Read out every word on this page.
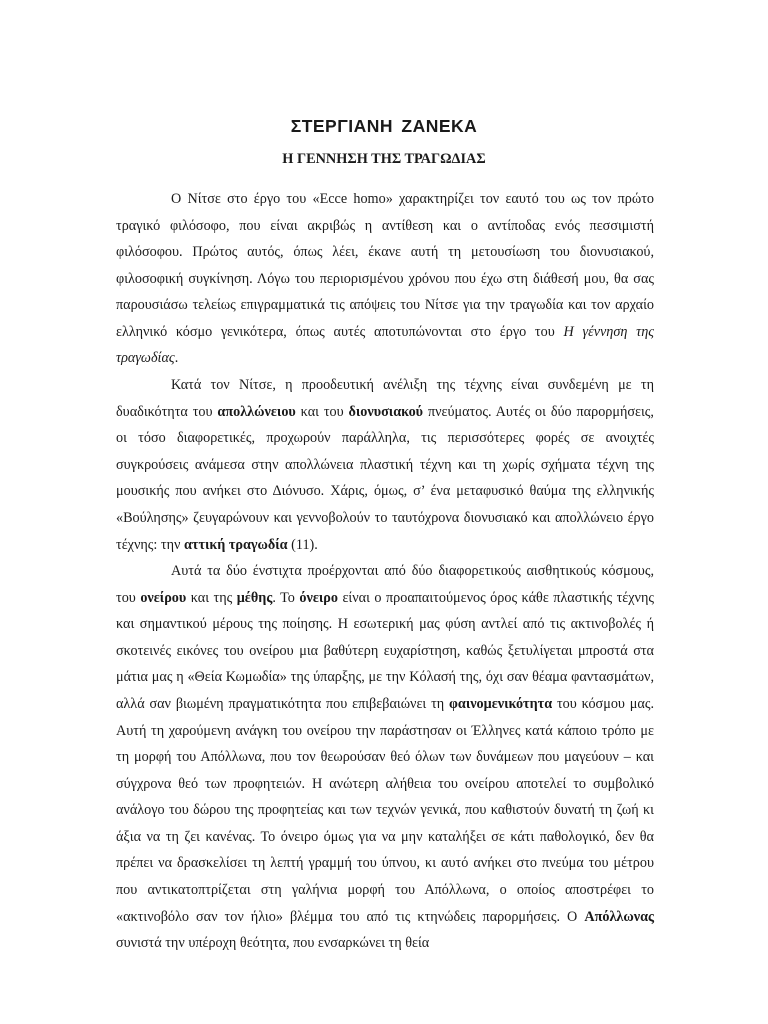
ΣΤΕΡΓΙΑΝΗ ΖΑΝΕΚΑ
Η ΓΕΝΝΗΣΗ ΤΗΣ ΤΡΑΓΩΔΙΑΣ

Ο Νίτσε στο έργο του «Ecce homo» χαρακτηρίζει τον εαυτό του ως τον πρώτο τραγικό φιλόσοφο, που είναι ακριβώς η αντίθεση και ο αντίποδας ενός πεσσιμιστή φιλόσοφου. Πρώτος αυτός, όπως λέει, έκανε αυτή τη μετουσίωση του διονυσιακού, φιλοσοφική συγκίνηση. Λόγω του περιορισμένου χρόνου που έχω στη διάθεσή μου, θα σας παρουσιάσω τελείως επιγραμματικά τις απόψεις του Νίτσε για την τραγωδία και τον αρχαίο ελληνικό κόσμο γενικότερα, όπως αυτές αποτυπώνονται στο έργο του Η γέννηση της τραγωδίας.

Κατά τον Νίτσε, η προοδευτική ανέλιξη της τέχνης είναι συνδεμένη με τη δυαδικότητα του απολλώνειου και του διονυσιακού πνεύματος. Αυτές οι δύο παρορμήσεις, οι τόσο διαφορετικές, προχωρούν παράλληλα, τις περισσότερες φορές σε ανοιχτές συγκρούσεις ανάμεσα στην απολλώνεια πλαστική τέχνη και τη χωρίς σχήματα τέχνη της μουσικής που ανήκει στο Διόνυσο. Χάρις, όμως, σ’ ένα μεταφυσικό θαύμα της ελληνικής «Βούλησης» ζευγαρώνουν και γεννοβολούν το ταυτόχρονα διονυσιακό και απολλώνειο έργο τέχνης: την αττική τραγωδία (11).

Αυτά τα δύο ένστιχτα προέρχονται από δύο διαφορετικούς αισθητικούς κόσμους, του ονείρου και της μέθης. Το όνειρο είναι ο προαπαιτούμενος όρος κάθε πλαστικής τέχνης και σημαντικού μέρους της ποίησης. Η εσωτερική μας φύση αντλεί από τις ακτινοβολές ή σκοτεινές εικόνες του ονείρου μια βαθύτερη ευχαρίστηση, καθώς ξετυλίγεται μπροστά στα μάτια μας η «Θεία Κωμωδία» της ύπαρξης, με την Κόλασή της, όχι σαν θέαμα φαντασμάτων, αλλά σαν βιωμένη πραγματικότητα που επιβεβαιώνει τη φαινομενικότητα του κόσμου μας. Αυτή τη χαρούμενη ανάγκη του ονείρου την παράστησαν οι Έλληνες κατά κάποιο τρόπο με τη μορφή του Απόλλωνα, που τον θεωρούσαν θεό όλων των δυνάμεων που μαγεύουν – και σύγχρονα θεό των προφητειών. Η ανώτερη αλήθεια του ονείρου αποτελεί το συμβολικό ανάλογο του δώρου της προφητείας και των τεχνών γενικά, που καθιστούν δυνατή τη ζωή κι άξια να τη ζει κανένας. Το όνειρο όμως για να μην καταλήξει σε κάτι παθολογικό, δεν θα πρέπει να δρασκελίσει τη λεπτή γραμμή του ύπνου, κι αυτό ανήκει στο πνεύμα του μέτρου που αντικατοπτρίζεται στη γαλήνια μορφή του Απόλλωνα, ο οποίος αποστρέφει το «ακτινοβόλο σαν τον ήλιο» βλέμμα του από τις κτηνώδεις παρορμήσεις. Ο Απόλλωνας συνιστά την υπέροχη θεότητα, που ενσαρκώνει τη θεία
